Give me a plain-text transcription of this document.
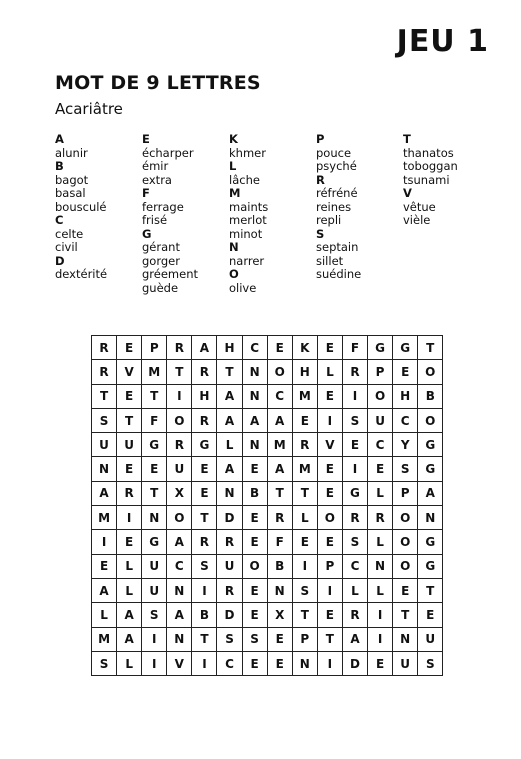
JEU 1
MOT DE 9 LETTRES
Acariâtre
A
alunir
B
bagot
basal
bousculé
C
celte
civil
D
dextérité
E
écharper
émir
extra
F
ferrage
frisé
G
gérant
gorger
gréement
guède
K
khmer
L
lâche
M
maints
merlot
minot
N
narrer
O
olive
P
pouce
psyché
R
réfréné
reines
repli
S
septain
sillet
suédine
T
thanatos
toboggan
tsunami
V
vêtue
vièle
R	E	P	R	A	H	C	E	K	E	F	G	G	T
R	V	M	T	R	T	N	O	H	L	R	P	E	O
T	E	T	I	H	A	N	C	M	E	I	O	H	B
S	T	F	O	R	A	A	A	E	I	S	U	C	O
U	U	G	R	G	L	N	M	R	V	E	C	Y	G
N	E	E	U	E	A	E	A	M	E	I	E	S	G
A	R	T	X	E	N	B	T	T	E	G	L	P	A
M	I	N	O	T	D	E	R	L	O	R	R	O	N
I	E	G	A	R	R	E	F	E	E	S	L	O	G
E	L	U	C	S	U	O	B	I	P	C	N	O	G
A	L	U	N	I	R	E	N	S	I	L	L	E	T
L	A	S	A	B	D	E	X	T	E	R	I	T	E
M	A	I	N	T	S	S	E	P	T	A	I	N	U
S	L	I	V	I	C	E	E	N	I	D	E	U	S
